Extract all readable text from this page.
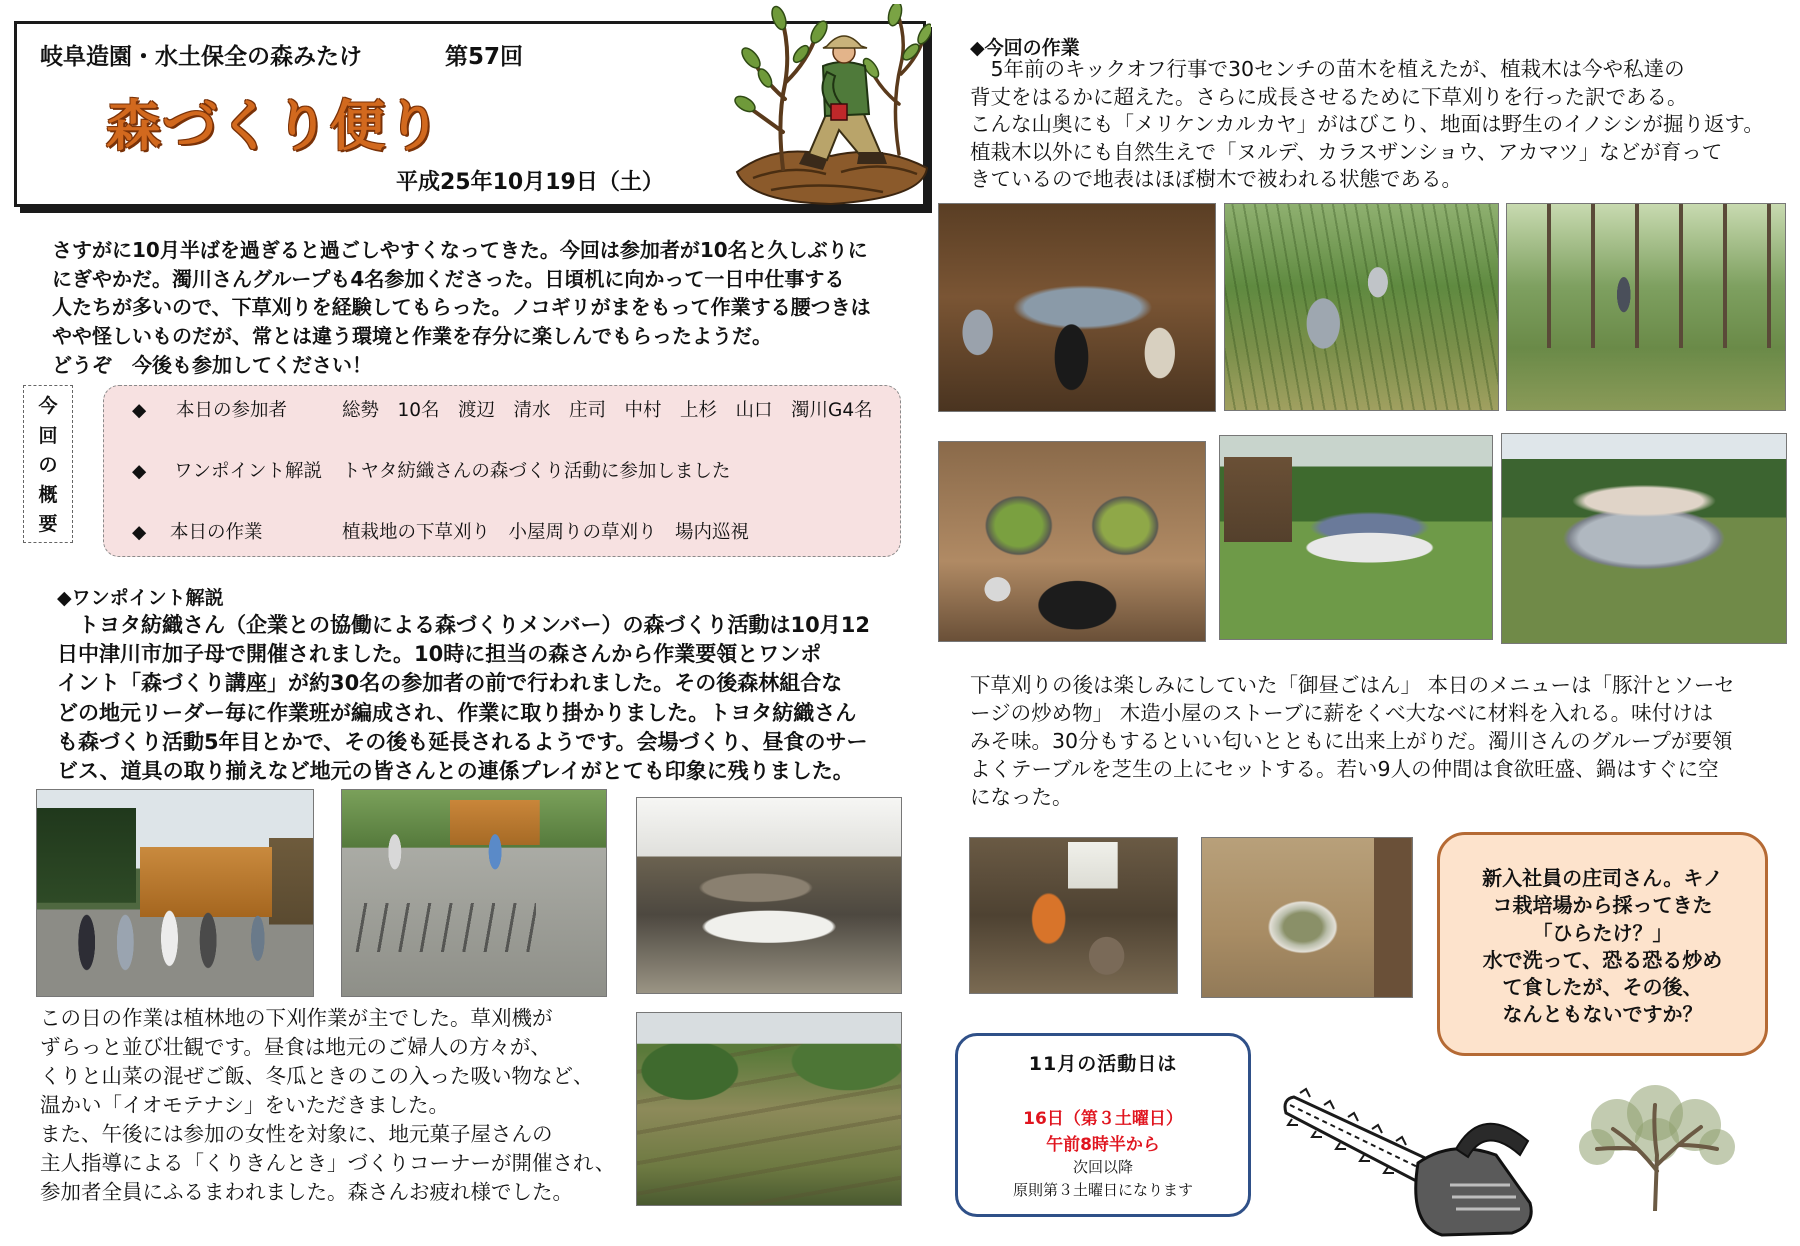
岐阜造園・水土保全の森みたけ	第57回
森づくり便り
平成25年10月19日（土）
さすがに10月半ばを過ぎると過ごしやすくなってきた。今回は参加者が10名と久しぶりに
にぎやかだ。濁川さんグループも4名参加くださった。日頃机に向かって一日中仕事する
人たちが多いので、下草刈りを経験してもらった。ノコギリがまをもって作業する腰つきは
やや怪しいものだが、常とは違う環境と作業を存分に楽しんでもらったようだ。
どうぞ　今後も参加してください！
今
回
の
概
要
◆ 本日の参加者	総勢　10名　渡辺　清水　庄司　中村　上杉　山口　濁川G4名
◆ ワンポイント解説 トヤタ紡織さんの森づくり活動に参加しました
◆ 本日の作業	植栽地の下草刈り　小屋周りの草刈り　場内巡視
◆ワンポイント解説
　トヨタ紡織さん（企業との協働による森づくりメンバー）の森づくり活動は10月12
日中津川市加子母で開催されました。10時に担当の森さんから作業要領とワンポ
イント「森づくり講座」が約30名の参加者の前で行われました。その後森林組合な
どの地元リーダー毎に作業班が編成され、作業に取り掛かりました。トヨタ紡織さん
も森づくり活動5年目とかで、その後も延長されるようです。会場づくり、昼食のサー
ビス、道具の取り揃えなど地元の皆さんとの連係プレイがとても印象に残りました。
この日の作業は植林地の下刈作業が主でした。草刈機が
ずらっと並び壮観です。昼食は地元のご婦人の方々が、
くりと山菜の混ぜご飯、冬瓜ときのこの入った吸い物など、
温かい「イオモテナシ」をいただきました。
また、午後には参加の女性を対象に、地元菓子屋さんの
主人指導による「くりきんとき」づくりコーナーが開催され、
参加者全員にふるまわれました。森さんお疲れ様でした。
◆今回の作業
　5年前のキックオフ行事で30センチの苗木を植えたが、植栽木は今や私達の
背丈をはるかに超えた。さらに成長させるために下草刈りを行った訳である。
こんな山奥にも「メリケンカルカヤ」がはびこり、地面は野生のイノシシが掘り返す。
植栽木以外にも自然生えで「ヌルデ、カラスザンショウ、アカマツ」などが育って
きているので地表はほぼ樹木で被われる状態である。
下草刈りの後は楽しみにしていた「御昼ごはん」 本日のメニューは「豚汁とソーセ
ージの炒め物」 木造小屋のストーブに薪をくべ大なべに材料を入れる。味付けは
みそ味。30分もするといい匂いとともに出来上がりだ。濁川さんのグループが要領
よくテーブルを芝生の上にセットする。若い9人の仲間は食欲旺盛、鍋はすぐに空
になった。
新入社員の庄司さん。キノ
コ栽培場から採ってきた
「ひらたけ？」
水で洗って、恐る恐る炒め
て食したが、その後、
なんともないですか？
11月の活動日は
16日（第３土曜日）
午前8時半から
次回以降
原則第３土曜日になります
